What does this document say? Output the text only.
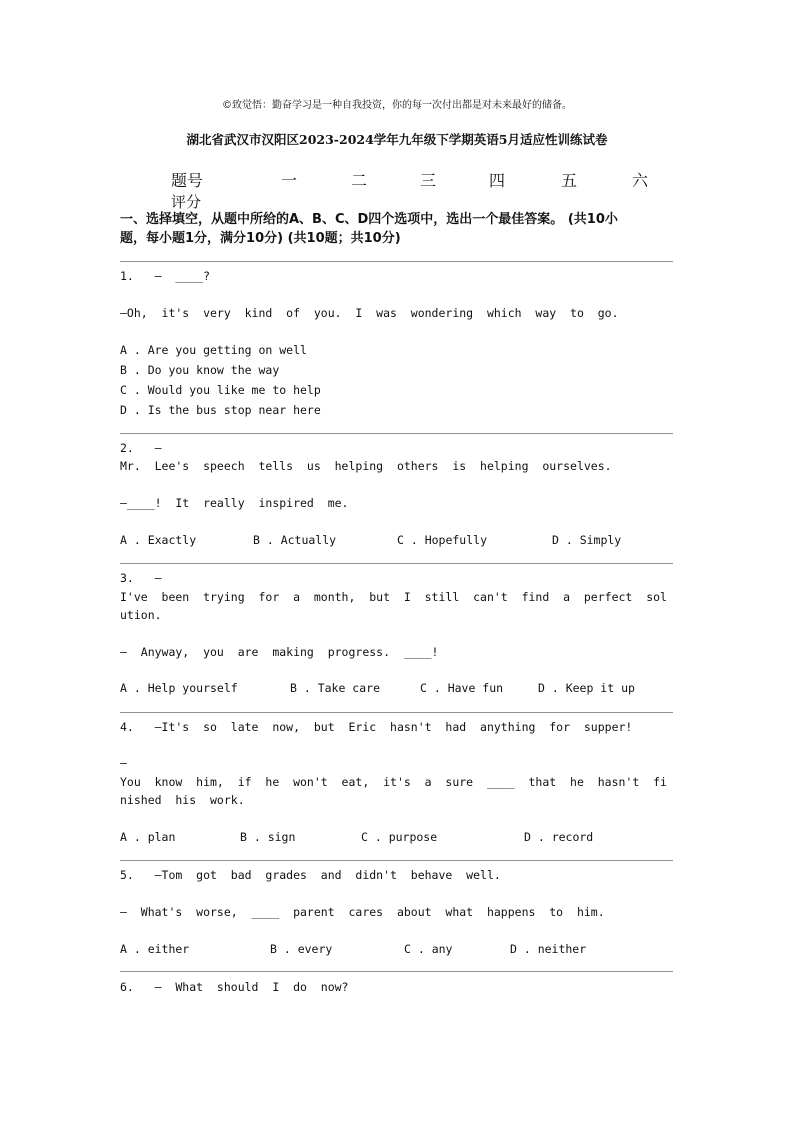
©致觉悟：勤奋学习是一种自我投资，你的每一次付出都是对未来最好的储备。
湖北省武汉市汉阳区2023-2024学年九年级下学期英语5月适应性训练试卷
题号	一	二	三	四	五	六
评分
一、选择填空，从题中所给的A、B、C、D四个选项中，选出一个最佳答案。 (共10小
题，每小题1分，满分10分) (共10题；共10分)
1.   —  ____?
—Oh,  it's  very  kind  of  you.  I  was  wondering  which  way  to  go.
A . Are you getting on well
B . Do you know the way
C . Would you like me to help
D . Is the bus stop near here
2.   —
Mr.  Lee's  speech  tells  us  helping  others  is  helping  ourselves.
—____!  It  really  inspired  me.
A . Exactly	B . Actually	C . Hopefully	D . Simply
3.   —
I've  been  trying  for  a  month,  but  I  still  can't  find  a  perfect  sol
ution.
—  Anyway,  you  are  making  progress.  ____!
A . Help yourself	B . Take care	C . Have fun	D . Keep it up
4.   —It's  so  late  now,  but  Eric  hasn't  had  anything  for  supper!
—
You  know  him,  if  he  won't  eat,  it's  a  sure  ____  that  he  hasn't  fi
nished  his  work.
A . plan	B . sign	C . purpose	D . record
5.   —Tom  got  bad  grades  and  didn't  behave  well.
—  What's  worse,  ____  parent  cares  about  what  happens  to  him.
A . either	B . every	C . any	D . neither
6.   —  What  should  I  do  now?
